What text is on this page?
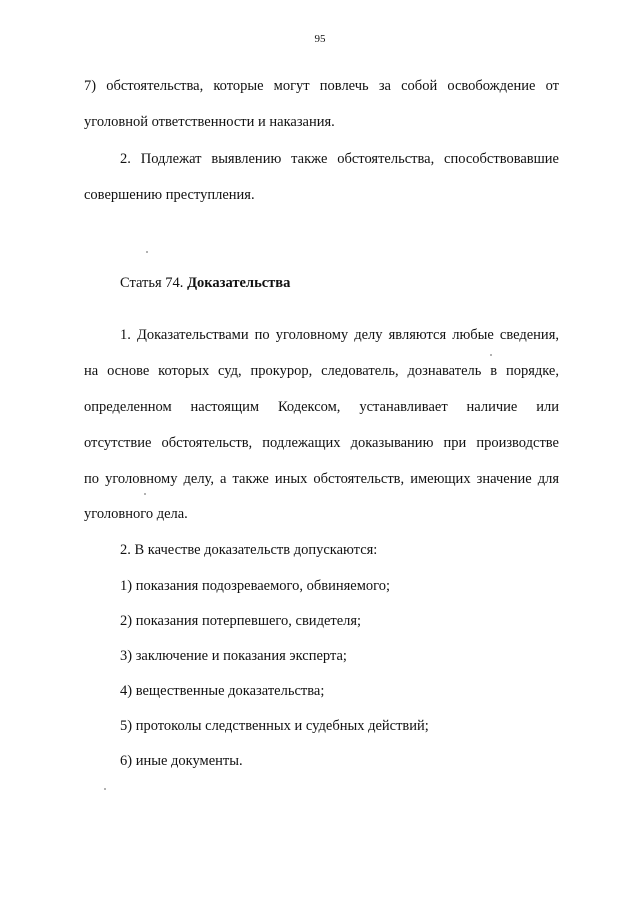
95
7) обстоятельства, которые могут повлечь за собой освобождение от
уголовной ответственности и наказания.
2. Подлежат выявлению также обстоятельства, способствовавшие
совершению преступления.
Статья 74. Доказательства
1. Доказательствами по уголовному делу являются любые сведения,
на основе которых суд, прокурор, следователь, дознаватель в порядке,
определенном настоящим Кодексом, устанавливает наличие или
отсутствие обстоятельств, подлежащих доказыванию при производстве
по уголовному делу, а также иных обстоятельств, имеющих значение для
уголовного дела.
2. В качестве доказательств допускаются:
1) показания подозреваемого, обвиняемого;
2) показания потерпевшего, свидетеля;
3) заключение и показания эксперта;
4) вещественные доказательства;
5) протоколы следственных и судебных действий;
6) иные документы.
